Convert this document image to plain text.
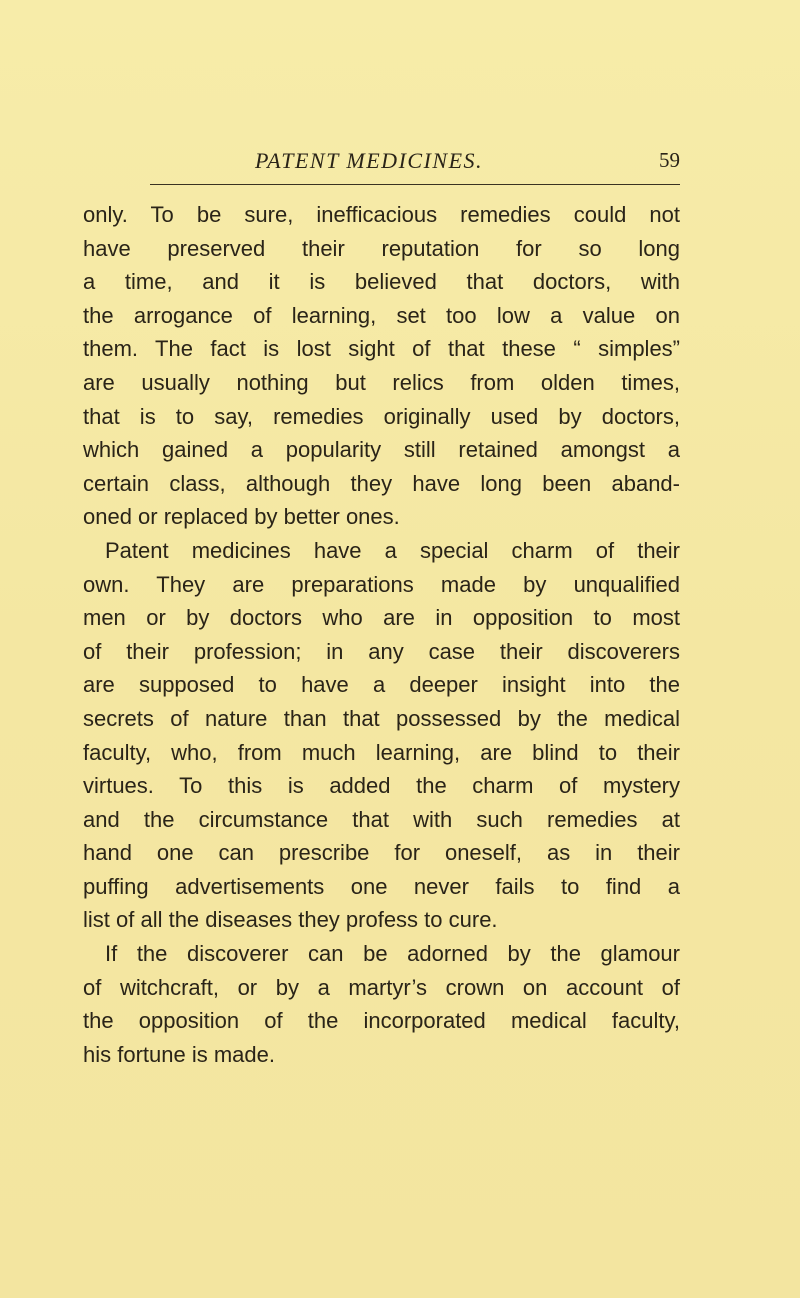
PATENT MEDICINES.	59
only. To be sure, inefficacious remedies could not
have preserved their reputation for so long
a time, and it is believed that doctors, with
the arrogance of learning, set too low a value on
them. The fact is lost sight of that these “ simples”
are usually nothing but relics from olden times,
that is to say, remedies originally used by doctors,
which gained a popularity still retained amongst a
certain class, although they have long been aband-
oned or replaced by better ones.
Patent medicines have a special charm of their
own. They are preparations made by unqualified
men or by doctors who are in opposition to most
of their profession; in any case their discoverers
are supposed to have a deeper insight into the
secrets of nature than that possessed by the medical
faculty, who, from much learning, are blind to their
virtues. To this is added the charm of mystery
and the circumstance that with such remedies at
hand one can prescribe for oneself, as in their
puffing advertisements one never fails to find a
list of all the diseases they profess to cure.
If the discoverer can be adorned by the glamour
of witchcraft, or by a martyr’s crown on account of
the opposition of the incorporated medical faculty,
his fortune is made.
